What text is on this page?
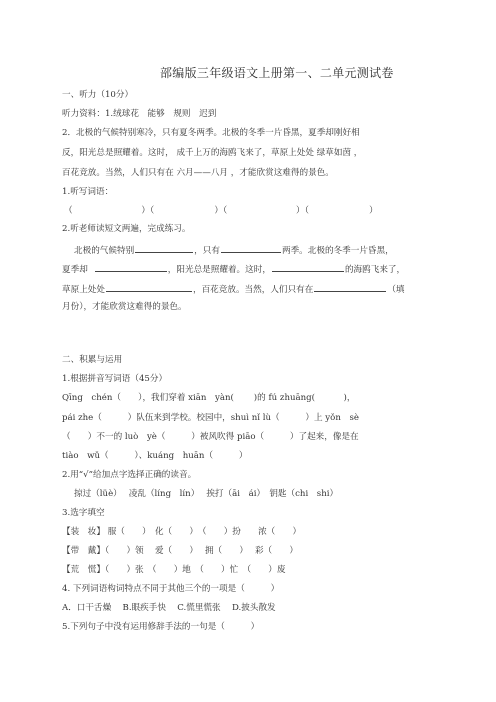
部编版三年级语文上册第一、二单元测试卷
一、听力（10分）
听力资料：1.绒球花　能够　规则　迟到
2．北极的气候特别寒冷，只有夏冬两季。北极的冬季一片昏黑，夏季却刚好相
反，阳光总是照耀着。这时， 成千上万的海鸥飞来了，草原上处处 绿草如茵 ，
百花竞放。当然，人们只有在 六月——八月 ，才能欣赏这难得的景色。
1.听写词语：
（　　　　　　　　）（　　　　　　　）（　　　　　　　　）（　　　　　　　）
2.听老师读短文两遍，完成练习。
北极的气候特别	，只有	两季。北极的冬季一片昏黑，
夏季却	，阳光总是照耀着。这时，	的海鸥飞来了，
草原上处处	，百花竞放。当然，人们只有在	（填
月份），才能欣赏这难得的景色。
二、积累与运用
1.根据拼音写词语（45分）
Qīng　chén（　　），我们穿着 xiān　yàn(　　 )的 fú zhuāng(　　　 )，
pái zhe（　　　）队伍来到学校。校园中，shuì nǐ lù（　　　）上 yǒn　sè
（　　）不一的 luò　yè（　　　）被风吹得 piāo（　　　）了起来，像是在
tiào　wǔ（　　　）、kuáng　huān（　　　）
2.用“√”给加点字选择正确的读音。
掠过（lüè）　 凌乱（líng　lín）　 挨打（āi　ái）　钥匙（chi　shi）
3.选字填空
【装　妆】 服（　　）　化（　　）　（　　）扮　　浓（　　）
【带　戴】（　　）领　 爱（　　）　 拥（　　）　 彩（　　）
【荒　慌】（　　）张　（　　）地　（　　）忙　（　　）废
4. 下列词语构词特点不同于其他三个的一项是（　　　）
A．口干舌燥　 B.眼疾手快　 C.慌里慌张　 D.披头散发
5.下列句子中没有运用修辞手法的一句是（　　　）
